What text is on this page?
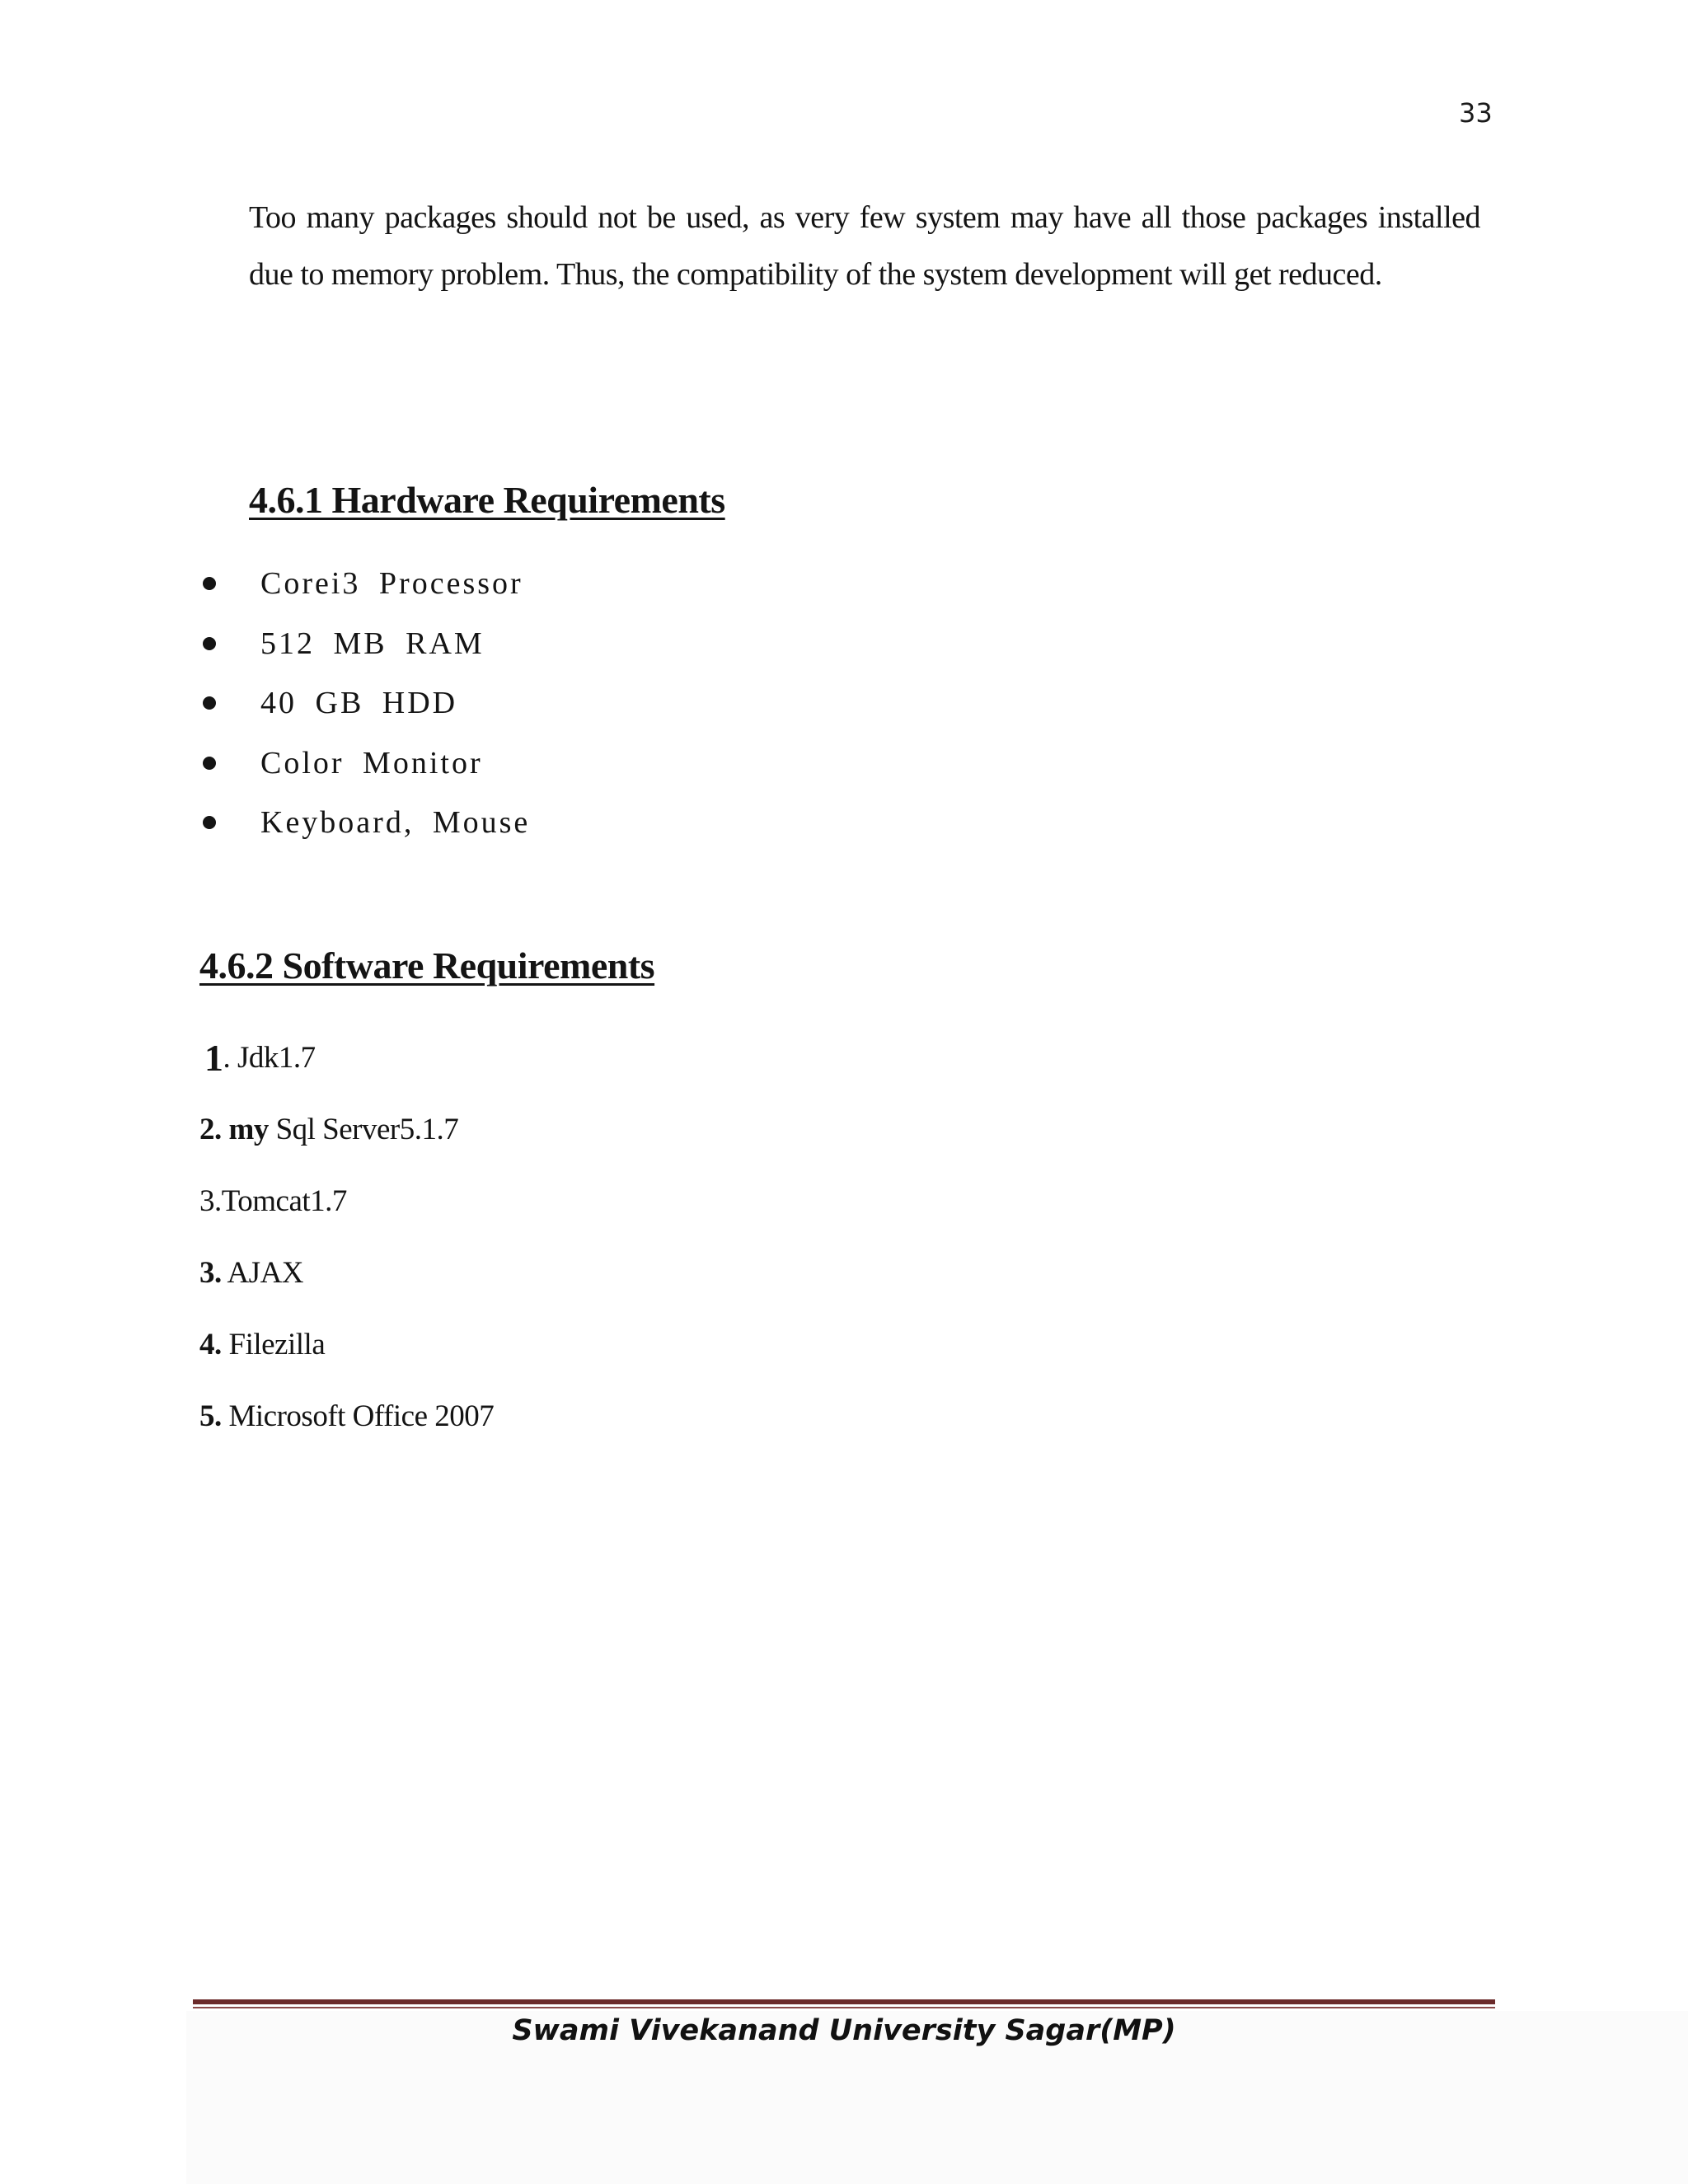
33

Too many packages should not be used, as very few system may have all those packages installed due to memory problem. Thus, the compatibility of the system development will get reduced.

4.6.1 Hardware Requirements
Corei3 Processor
512 MB RAM
40 GB HDD
Color Monitor
Keyboard, Mouse
4.6.2 Software Requirements
1 . Jdk1.7
2. my Sql Server5.1.7
3. Tomcat1.7
3. AJAX
4. Filezilla
5. Microsoft Office 2007
Swami Vivekanand University Sagar(MP)
